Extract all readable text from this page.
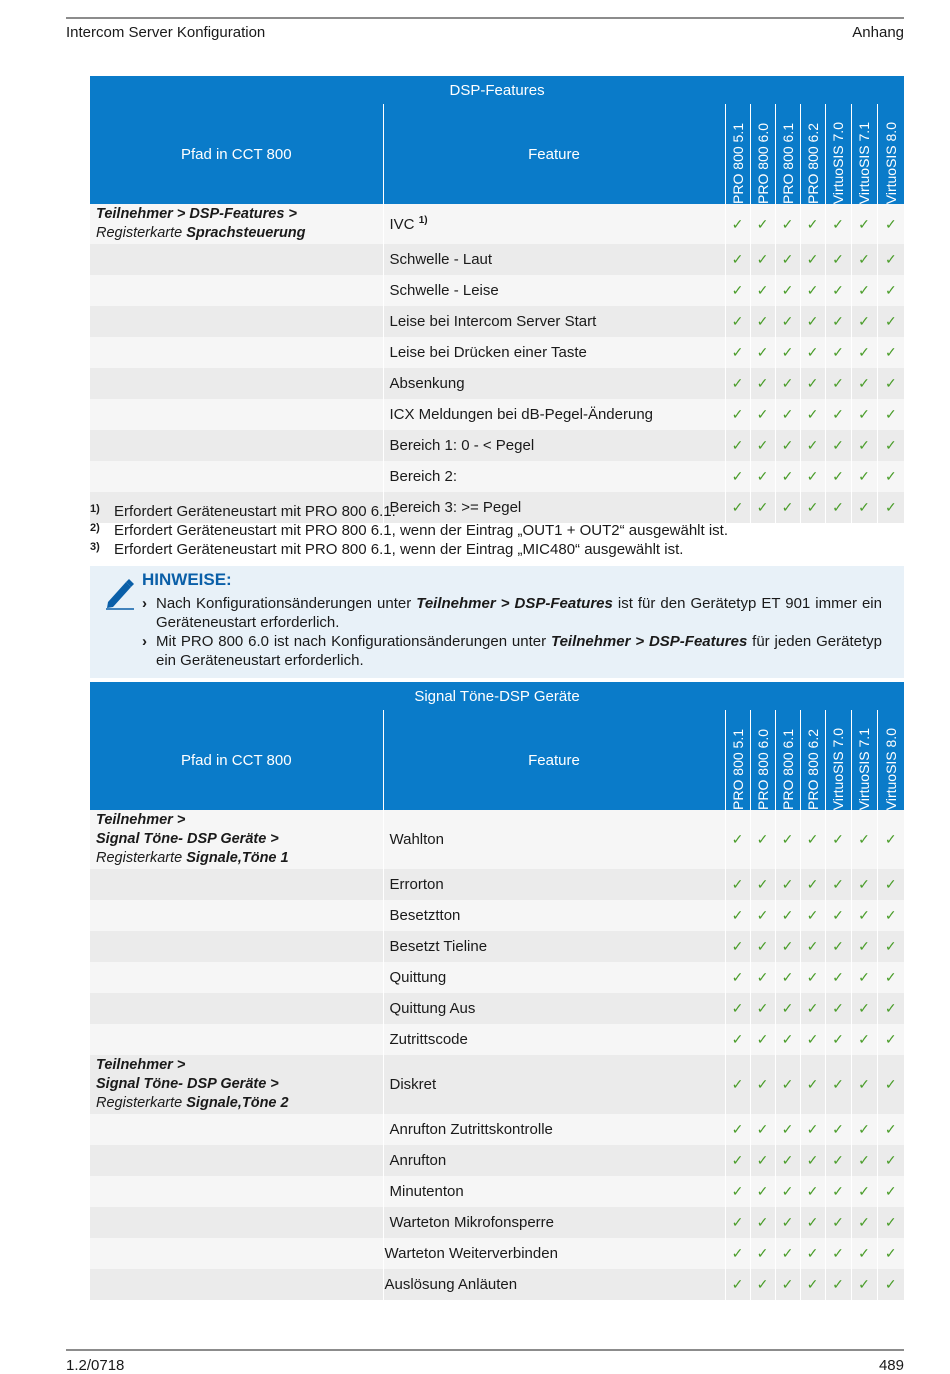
Intercom Server Konfiguration	Anhang
DSP-Features								
Pfad in CCT 800	Feature	PRO 800 5.1	PRO 800 6.0	PRO 800 6.1	PRO 800 6.2	VirtuoSIS 7.0	VirtuoSIS 7.1	VirtuoSIS 8.0

Teilnehmer > DSP-Features >
Registerkarte Sprachsteuerung	IVC $^{1)}$	✓	✓	✓	✓	✓	✓	✓
	Schwelle - Laut	✓	✓	✓	✓	✓	✓	✓
	Schwelle - Leise	✓	✓	✓	✓	✓	✓	✓
	Leise bei Intercom Server Start	✓	✓	✓	✓	✓	✓	✓
	Leise bei Drücken einer Taste	✓	✓	✓	✓	✓	✓	✓
	Absenkung	✓	✓	✓	✓	✓	✓	✓
	ICX Meldungen bei dB-Pegel-Änderung	✓	✓	✓	✓	✓	✓	✓
	Bereich 1: 0 - < Pegel	✓	✓	✓	✓	✓	✓	✓
	Bereich 2:	✓	✓	✓	✓	✓	✓	✓
	Bereich 3: >= Pegel	✓	✓	✓	✓	✓	✓	✓
1) Erfordert Geräteneustart mit PRO 800 6.1.
2) Erfordert Geräteneustart mit PRO 800 6.1, wenn der Eintrag „OUT1 + OUT2“ ausgewählt ist.
3) Erfordert Geräteneustart mit PRO 800 6.1, wenn der Eintrag „MIC480“ ausgewählt ist.
HINWEISE:
› Nach Konfigurationsänderungen unter Teilnehmer > DSP-Features ist für den Gerätetyp ET 901 immer ein Geräteneustart erforderlich.
› Mit PRO 800 6.0 ist nach Konfigurationsänderungen unter Teilnehmer > DSP-Features für jeden Gerätetyp ein Geräteneustart erforderlich.
Signal Töne-DSP Geräte								
Pfad in CCT 800	Feature	PRO 800 5.1	PRO 800 6.0	PRO 800 6.1	PRO 800 6.2	VirtuoSIS 7.0	VirtuoSIS 7.1	VirtuoSIS 8.0

Teilnehmer >
Signal Töne- DSP Geräte >
Registerkarte Signale,Töne 1	Wahlton	✓	✓	✓	✓	✓	✓	✓
	Errorton	✓	✓	✓	✓	✓	✓	✓
	Besetztton	✓	✓	✓	✓	✓	✓	✓
	Besetzt Tieline	✓	✓	✓	✓	✓	✓	✓
	Quittung	✓	✓	✓	✓	✓	✓	✓
	Quittung Aus	✓	✓	✓	✓	✓	✓	✓
	Zutrittscode	✓	✓	✓	✓	✓	✓	✓
Teilnehmer >
Signal Töne- DSP Geräte >
Registerkarte Signale,Töne 2	Diskret	✓	✓	✓	✓	✓	✓	✓
	Anrufton Zutrittskontrolle	✓	✓	✓	✓	✓	✓	✓
	Anrufton	✓	✓	✓	✓	✓	✓	✓
	Minutenton	✓	✓	✓	✓	✓	✓	✓
	Warteton Mikrofonsperre	✓	✓	✓	✓	✓	✓	✓
	Warteton Weiterverbinden	✓	✓	✓	✓	✓	✓	✓
	Auslösung Anläuten	✓	✓	✓	✓	✓	✓	✓
1.2/0718	489
